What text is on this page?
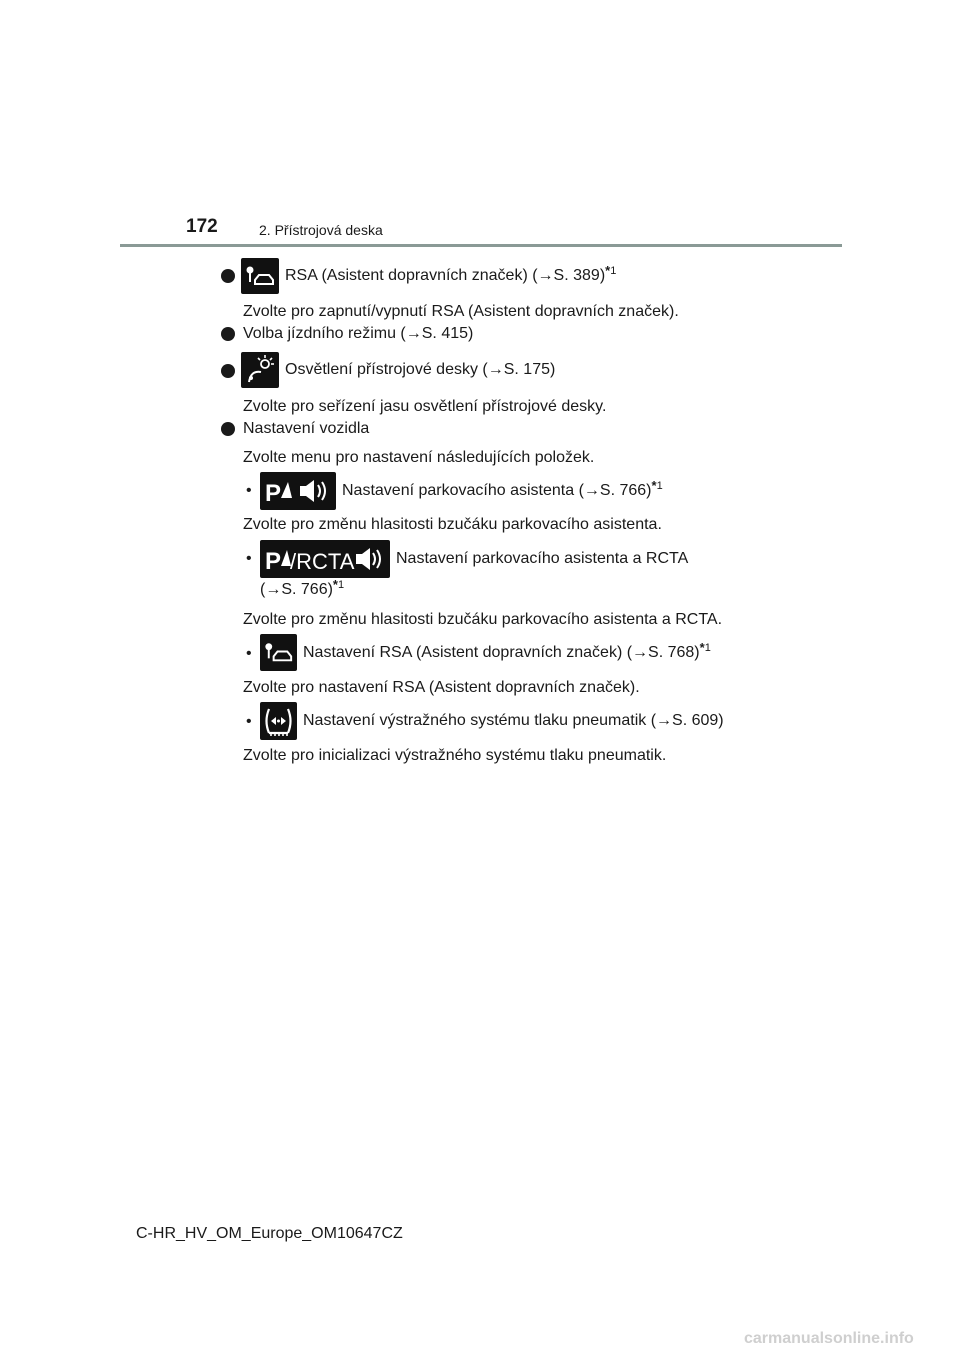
172	2. Přístrojová deska
RSA (Asistent dopravních značek) (→S. 389) * 1
Zvolte pro zapnutí/vypnutí RSA (Asistent dopravních značek).
Volba jízdního režimu (→S. 415)
Osvětlení přístrojové desky (→S. 175)
Zvolte pro seřízení jasu osvětlení přístrojové desky.
Nastavení vozidla
Zvolte menu pro nastavení následujících položek.
• P	Nastavení parkovacího asistenta (→S. 766) * 1
Zvolte pro změnu hlasitosti bzučáku parkovacího asistenta.
• P /RCTA	Nastavení parkovacího asistenta a RCTA
(→S. 766) * 1
Zvolte pro změnu hlasitosti bzučáku parkovacího asistenta a RCTA.
•	Nastavení RSA (Asistent dopravních značek) (→S. 768) * 1
Zvolte pro nastavení RSA (Asistent dopravních značek).
•	Nastavení výstražného systému tlaku pneumatik (→S. 609)
Zvolte pro inicializaci výstražného systému tlaku pneumatik.
C-HR_HV_OM_Europe_OM10647CZ
carmanualsonline.info
